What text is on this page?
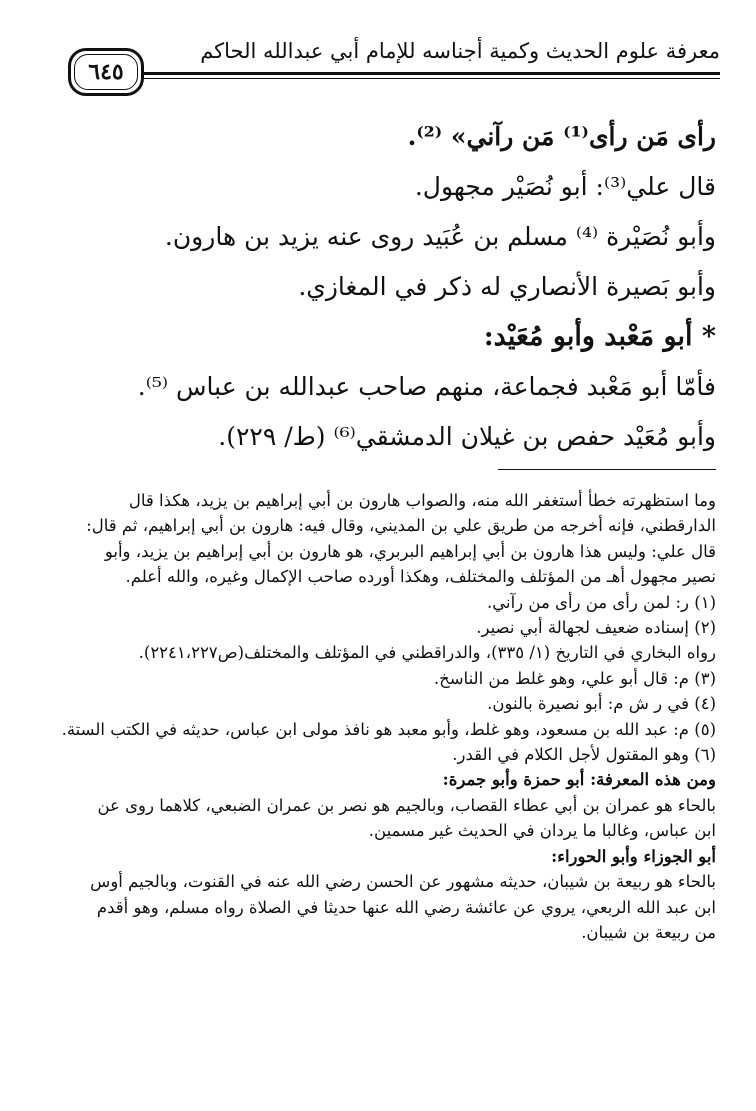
معرفة علوم الحديث وكمية أجناسه للإمام أبي عبدالله الحاكم
٦٤٥
رأى مَن رأى⁽¹⁾ مَن رآني» ⁽²⁾.
قال علي⁽³⁾: أبو نُصَيْر مجهول.
وأبو نُصَيْرة ⁽⁴⁾ مسلم بن عُبَيد روى عنه يزيد بن هارون.
وأبو بَصيرة الأنصاري له ذكر في المغازي.
* أبو مَعْبد وأبو مُعَيْد:
فأمّا أبو مَعْبد فجماعة، منهم صاحب عبدالله بن عباس ⁽⁵⁾.
وأبو مُعَيْد حفص بن غيلان الدمشقي⁽⁶⁾ (ط/ ٢٢٩).
وما استظهرته خطأ أستغفر الله منه، والصواب هارون بن أبي إبراهيم بن يزيد، هكذا قال
الدارقطني، فإنه أخرجه من طريق علي بن المديني، وقال فيه: هارون بن أبي إبراهيم، ثم قال:
قال علي: وليس هذا هارون بن أبي إبراهيم البربري، هو هارون بن أبي إبراهيم بن يزيد، وأبو
نصير مجهول أهـ من المؤتلف والمختلف، وهكذا أورده صاحب الإكمال وغيره، والله أعلم.
(١) ر: لمن رأى من رأى من رآني.
(٢) إسناده ضعيف لجهالة أبي نصير.
رواه البخاري في التاريخ (١/ ٣٣٥)، والدراقطني في المؤتلف والمختلف(ص٢٢٤١،٢٢٧).
(٣) م: قال أبو علي، وهو غلط من الناسخ.
(٤) في ر ش م: أبو نصيرة بالنون.
(٥) م: عبد الله بن مسعود، وهو غلط، وأبو معبد هو نافذ مولى ابن عباس، حديثه في الكتب الستة.
(٦) وهو المقتول لأجل الكلام في القدر.
ومن هذه المعرفة: أبو حمزة وأبو جمرة:
بالحاء هو عمران بن أبي عطاء القصاب، وبالجيم هو نصر بن عمران الضبعي، كلاهما روى عن
ابن عباس، وغالبا ما يردان في الحديث غير مسمين.
أبو الجوزاء وأبو الحوراء:
بالحاء هو ربيعة بن شيبان، حديثه مشهور عن الحسن رضي الله عنه في القنوت، وبالجيم أوس
ابن عبد الله الربعي، يروي عن عائشة رضي الله عنها حديثا في الصلاة رواه مسلم، وهو أقدم
من ربيعة بن شيبان.
